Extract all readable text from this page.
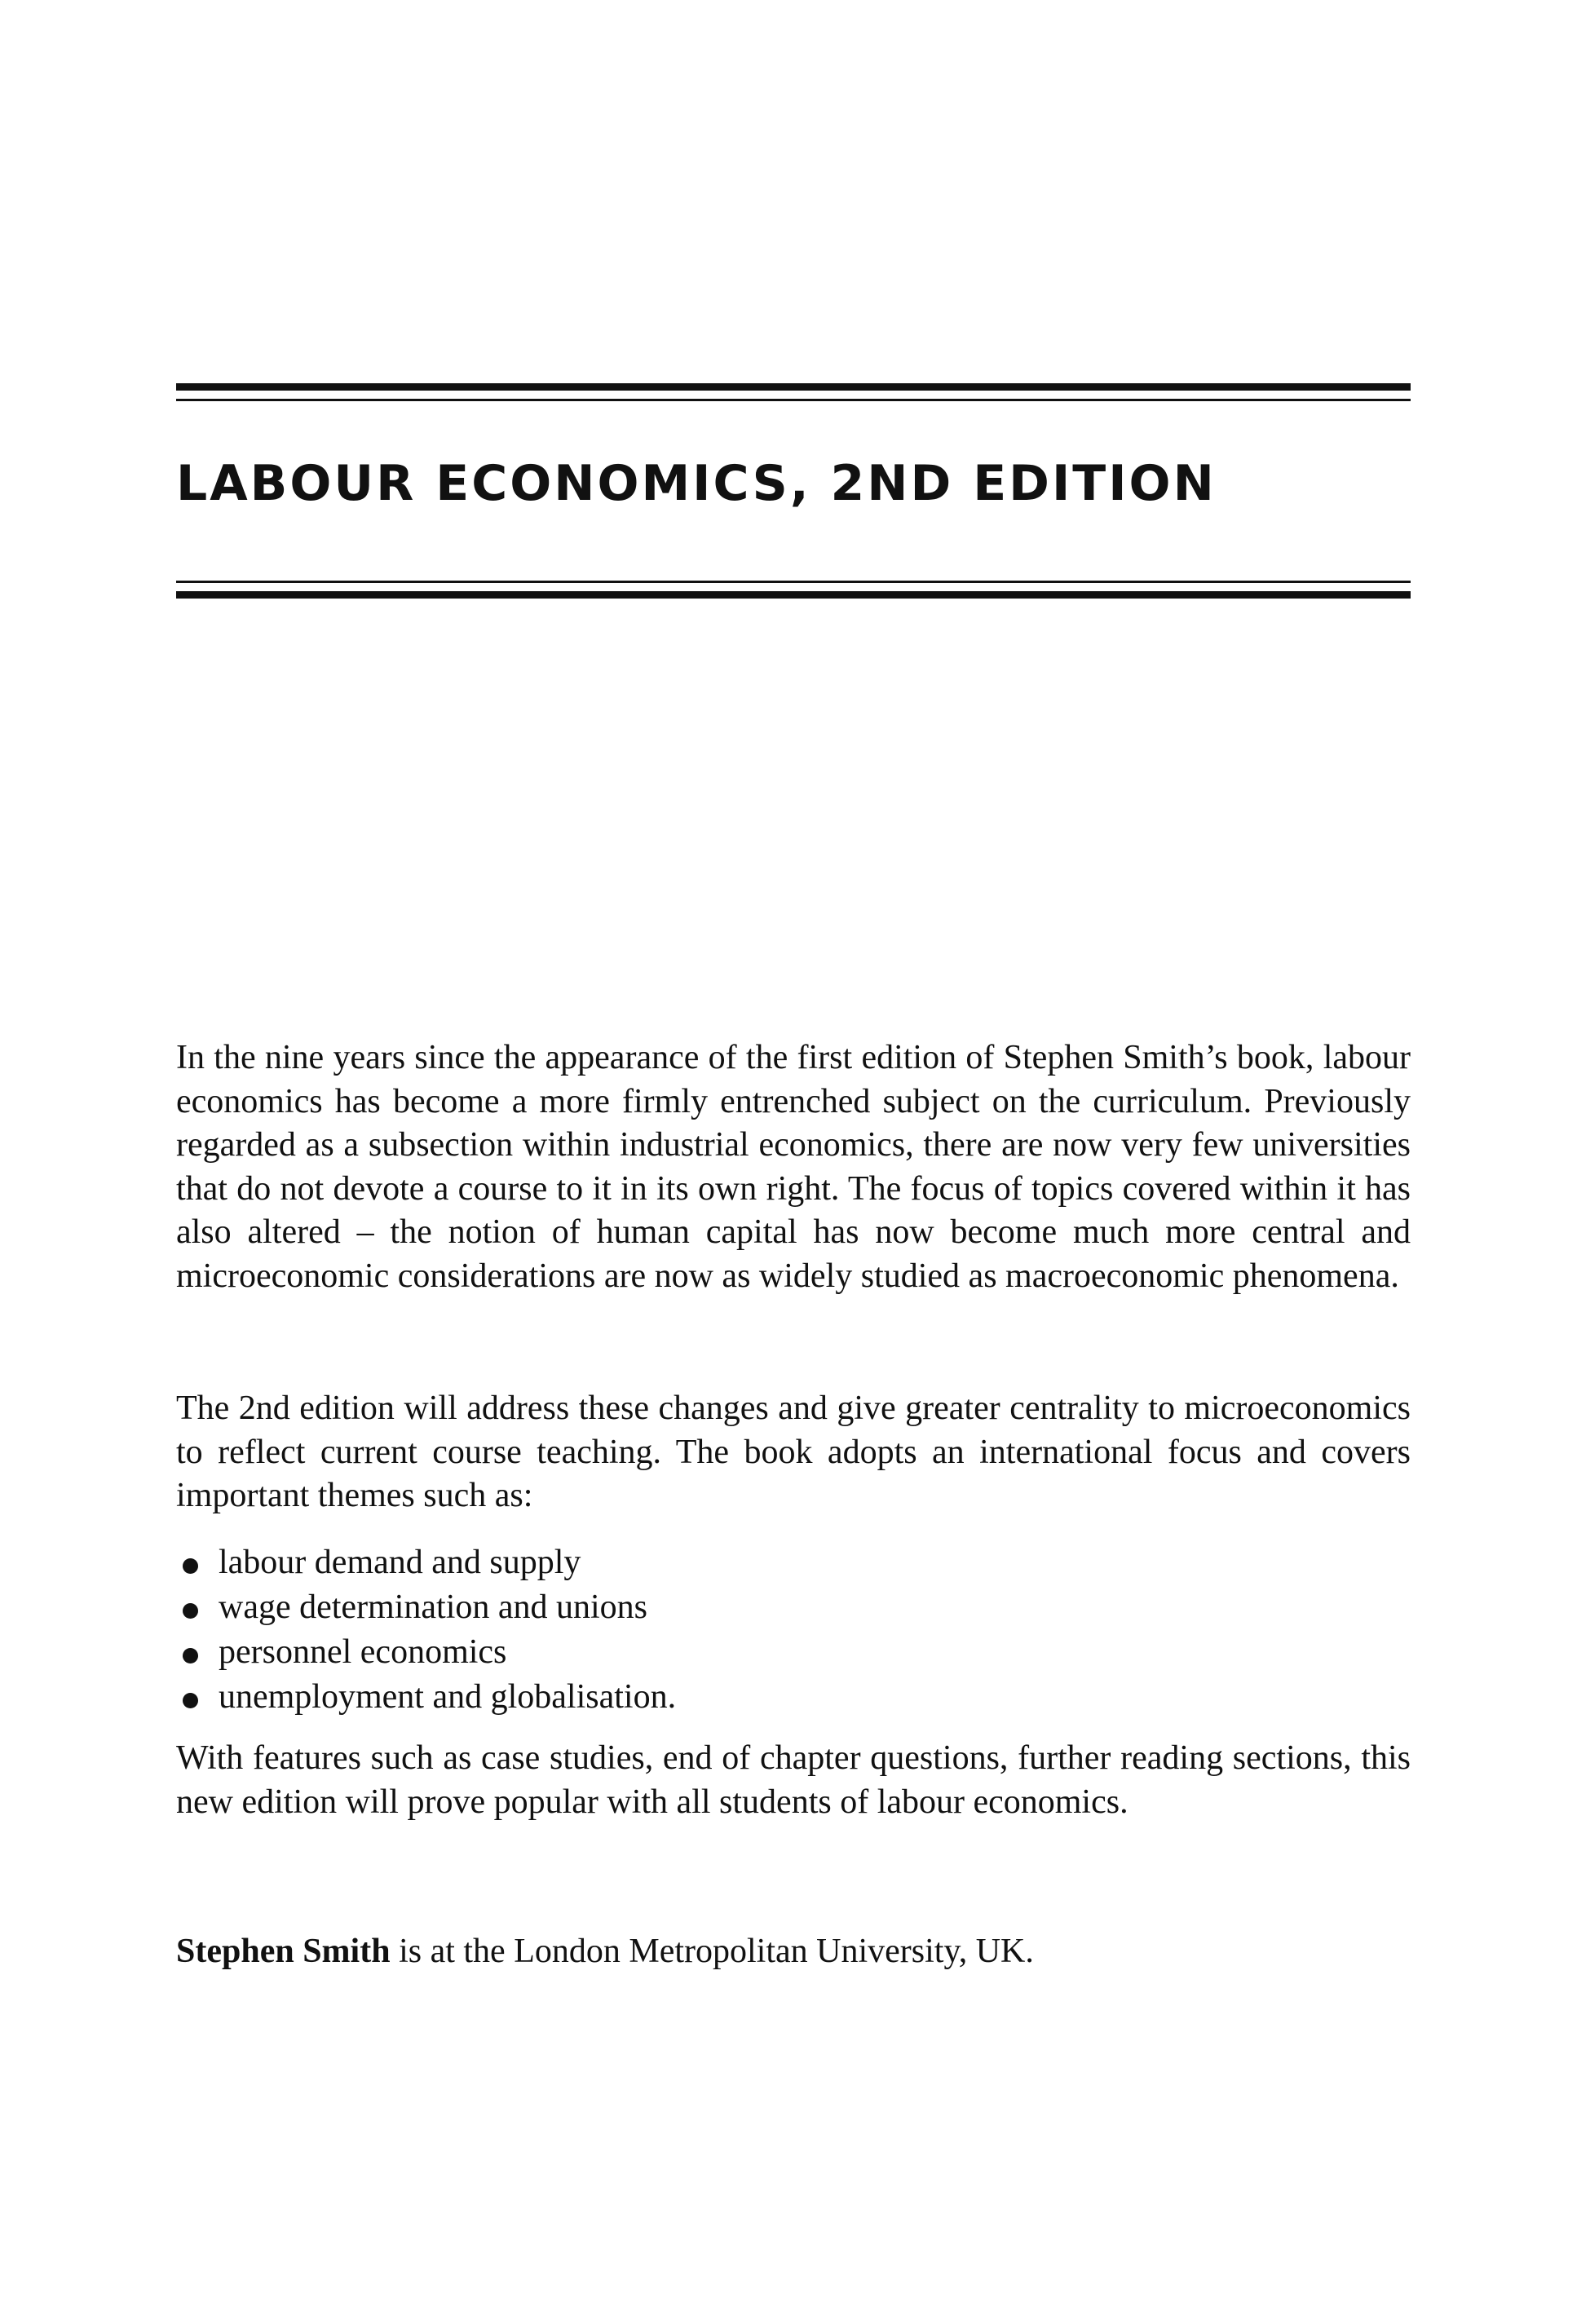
LABOUR ECONOMICS, 2ND EDITION

In the nine years since the appearance of the first edition of Stephen Smith’s book, labour economics has become a more firmly entrenched subject on the curriculum. Previously regarded as a subsection within industrial economics, there are now very few universities that do not devote a course to it in its own right. The focus of topics covered within it has also altered – the notion of human capital has now become much more central and microeconomic considerations are now as widely studied as macroeconomic phenomena.

The 2nd edition will address these changes and give greater centrality to microeconomics to reflect current course teaching. The book adopts an international focus and covers important themes such as:

labour demand and supply
wage determination and unions
personnel economics
unemployment and globalisation.

With features such as case studies, end of chapter questions, further reading sections, this new edition will prove popular with all students of labour economics.

Stephen Smith is at the London Metropolitan University, UK.
